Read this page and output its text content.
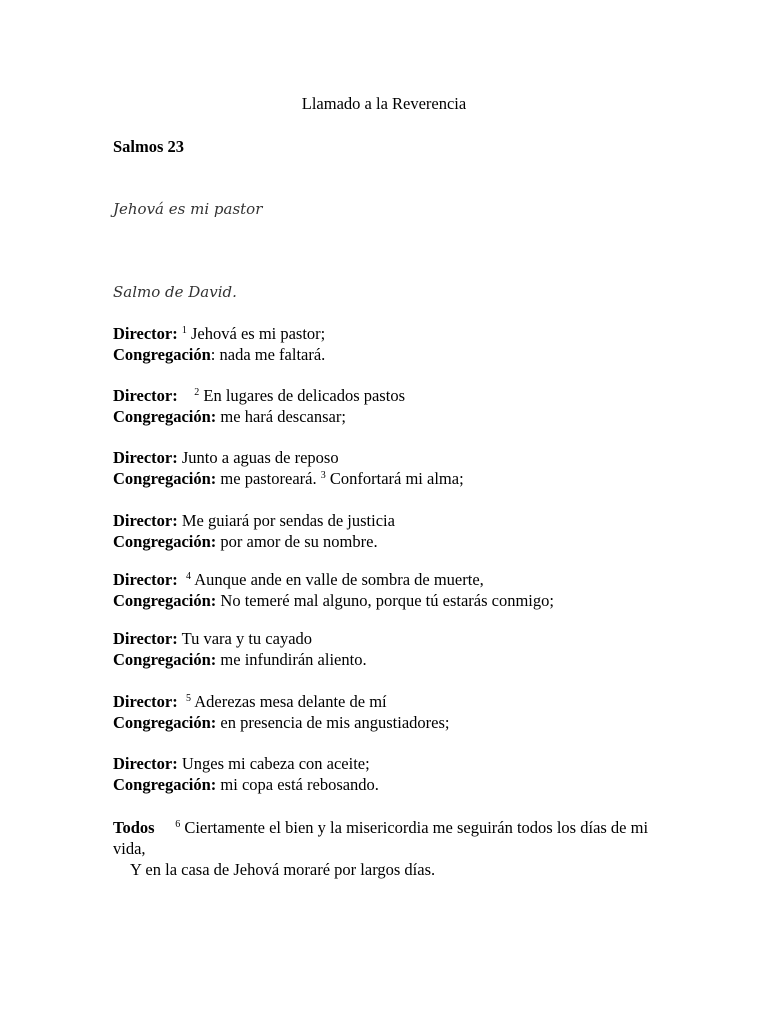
Llamado a la Reverencia
Salmos 23
Jehová es mi pastor
Salmo de David.
Director: $^1$ Jehová es mi pastor;
Congregación: nada me faltará.
Director: $^2$ En lugares de delicados pastos
Congregación: me hará descansar;
Director: Junto a aguas de reposo
Congregación: me pastoreará. $^3$ Confortará mi alma;
Director: Me guiará por sendas de justicia
Congregación: por amor de su nombre.
Director: $^4$ Aunque ande en valle de sombra de muerte,
Congregación: No temeré mal alguno, porque tú estarás conmigo;
Director: Tu vara y tu cayado
Congregación: me infundirán aliento.
Director: $^5$ Aderezas mesa delante de mí
Congregación: en presencia de mis angustiadores;
Director: Unges mi cabeza con aceite;
Congregación: mi copa está rebosando.
Todos $^6$ Ciertamente el bien y la misericordia me seguirán todos los días de mi vida,
Y en la casa de Jehová moraré por largos días.
